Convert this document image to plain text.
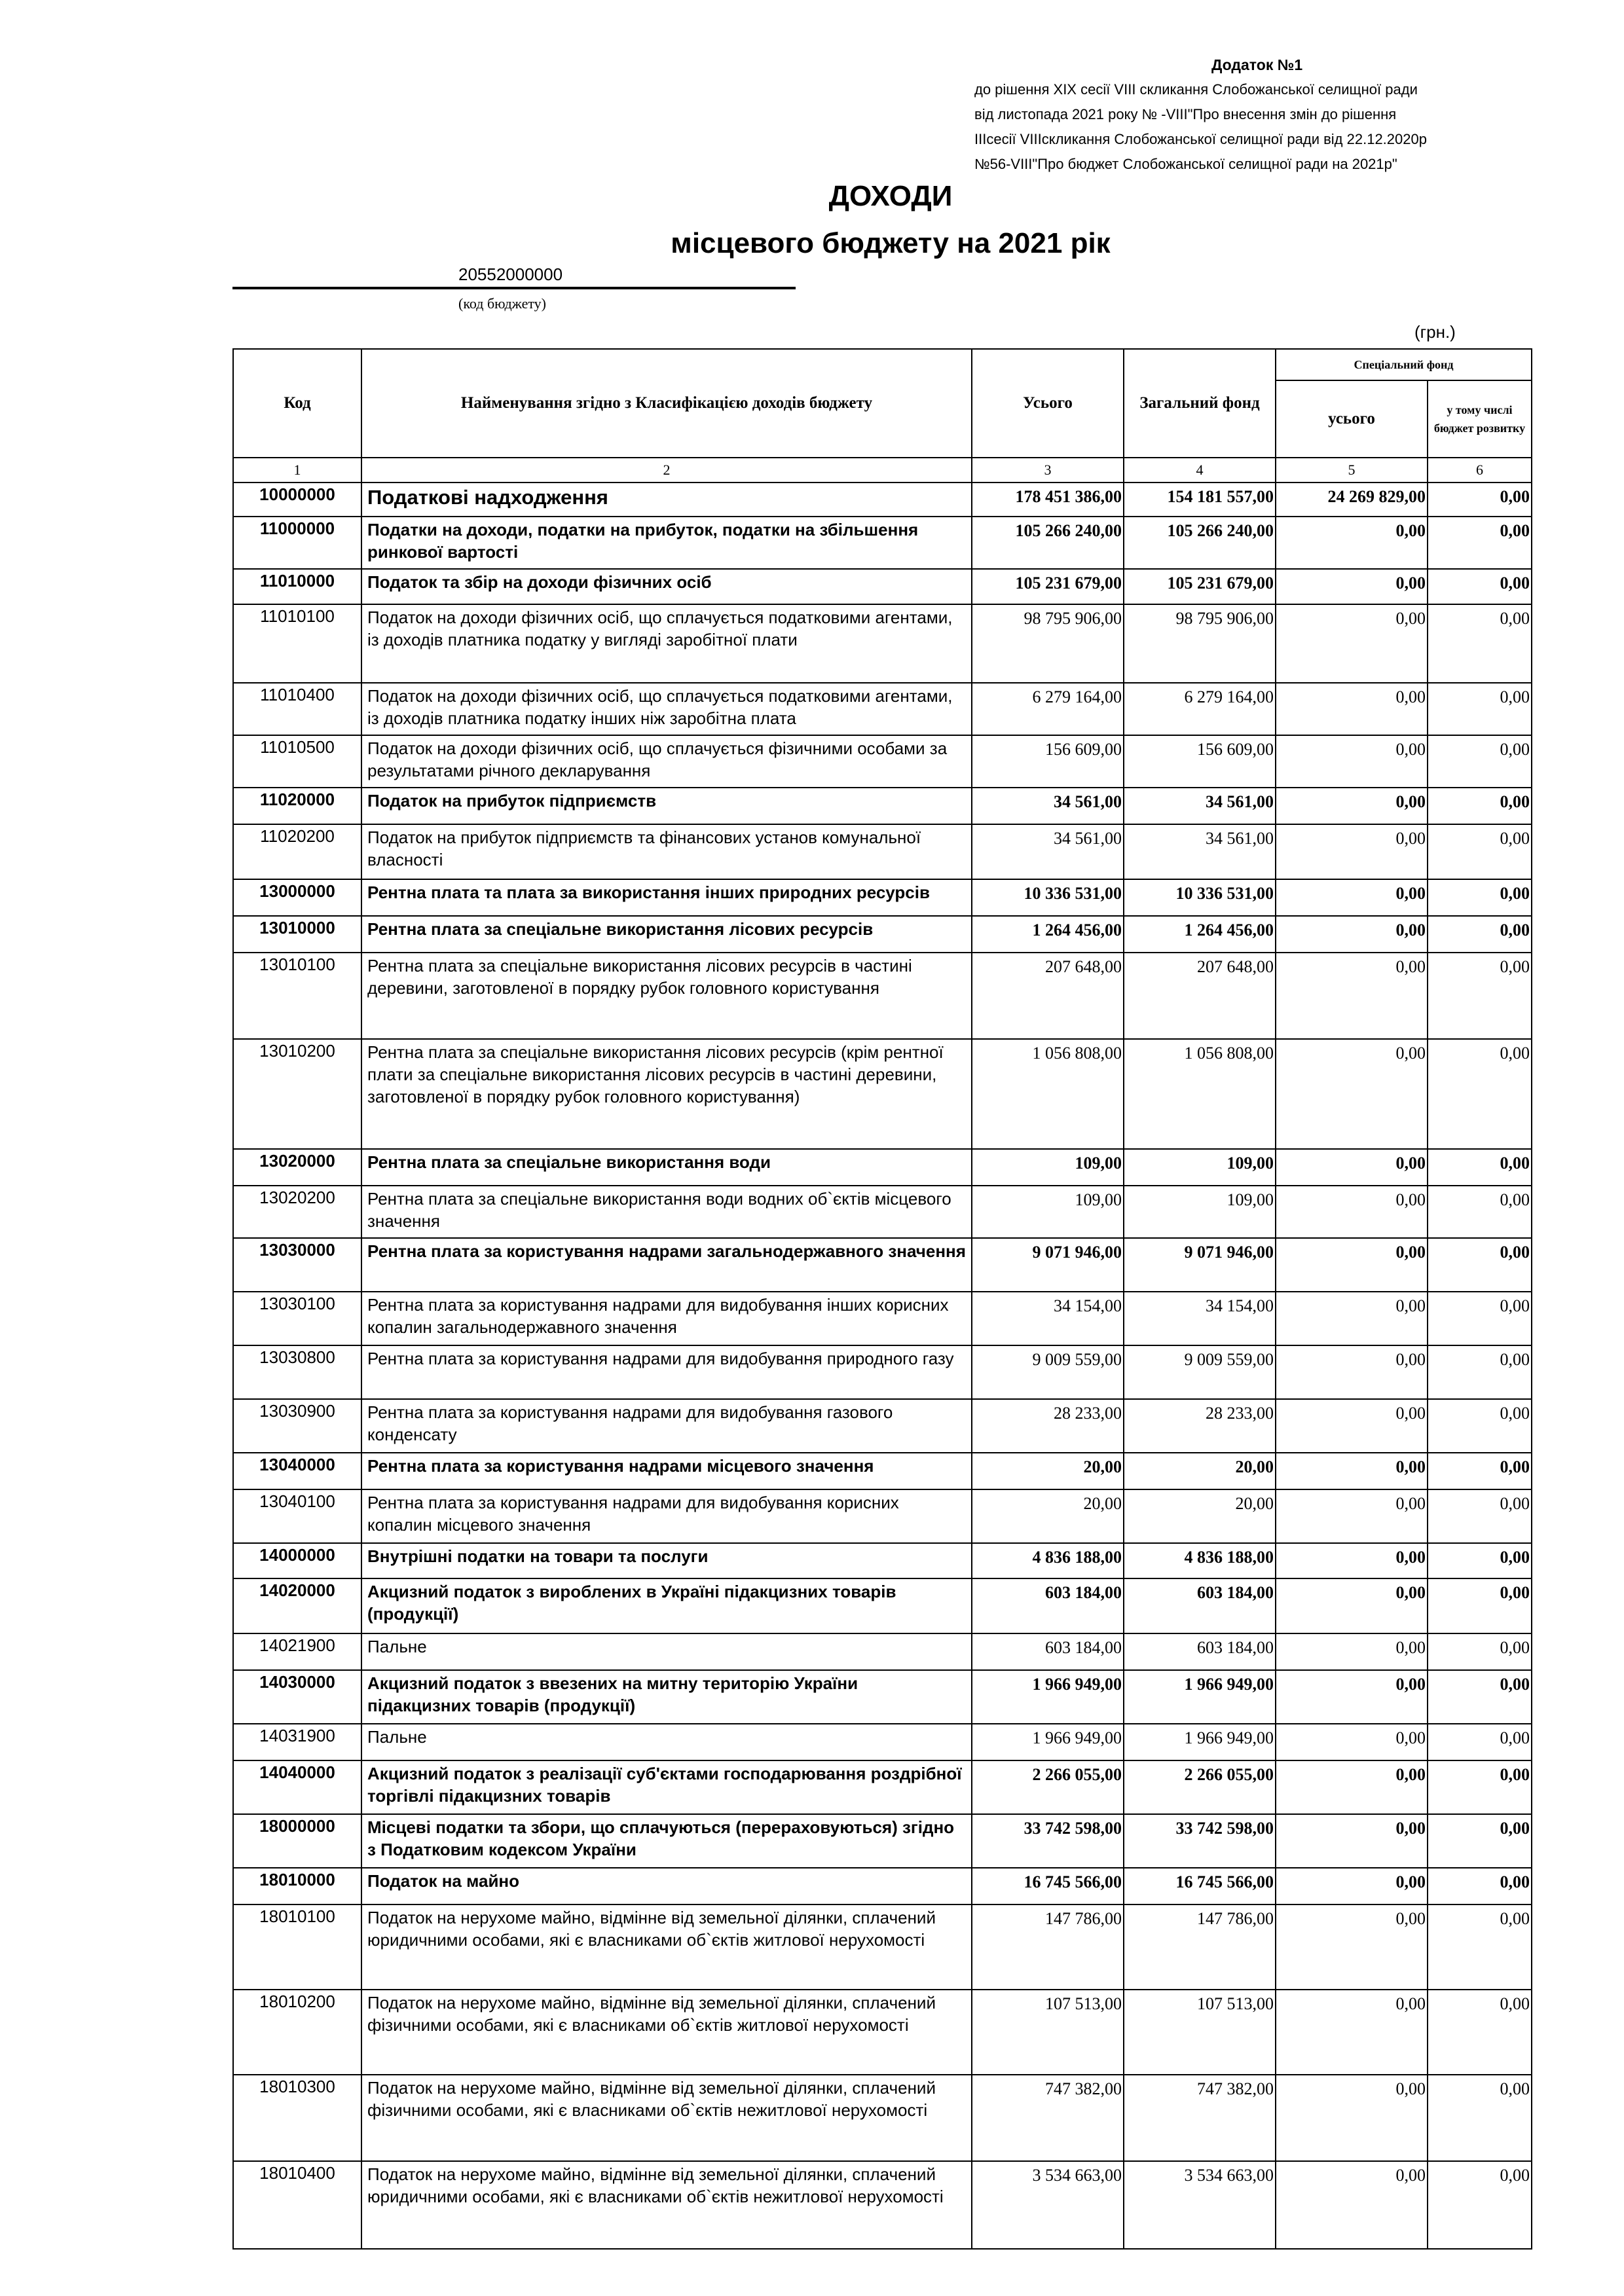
Додаток №1
до рішення ХIХ сесії VIII скликання Слобожанської селищної ради
від листопада 2021 року № -VIII"Про внесення змін до рішення
IIIсесії VIIIскликання Слобожанської селищної ради від 22.12.2020р
№56-VIII"Про бюджет Слобожанської селищної ради на 2021р"
ДОХОДИ
місцевого бюджету на 2021 рік
20552000000
(код бюджету)
(грн.)
Код	Найменування згідно з Класифікацією доходів бюджету	Усього	Загальний фонд	Спеціальний фонд	
				усього	у тому числі бюджет розвитку
1	2	3	4	5	6
10000000	Податкові надходження	178 451 386,00	154 181 557,00	24 269 829,00	0,00
11000000	Податки на доходи, податки на прибуток, податки на збільшення ринкової вартості	105 266 240,00	105 266 240,00	0,00	0,00
11010000	Податок та збір на доходи фізичних осіб	105 231 679,00	105 231 679,00	0,00	0,00
11010100	Податок на доходи фізичних осіб, що сплачується податковими агентами, із доходів платника податку у вигляді заробітної плати	98 795 906,00	98 795 906,00	0,00	0,00
11010400	Податок на доходи фізичних осіб, що сплачується податковими агентами, із доходів платника податку інших ніж заробітна плата	6 279 164,00	6 279 164,00	0,00	0,00
11010500	Податок на доходи фізичних осіб, що сплачується фізичними особами за результатами річного декларування	156 609,00	156 609,00	0,00	0,00
11020000	Податок на прибуток підприємств	34 561,00	34 561,00	0,00	0,00
11020200	Податок на прибуток підприємств та фінансових установ комунальної власності	34 561,00	34 561,00	0,00	0,00
13000000	Рентна плата та плата за використання інших природних ресурсів	10 336 531,00	10 336 531,00	0,00	0,00
13010000	Рентна плата за спеціальне використання лісових ресурсів	1 264 456,00	1 264 456,00	0,00	0,00
13010100	Рентна плата за спеціальне використання лісових ресурсів в частині деревини, заготовленої в порядку рубок головного користування	207 648,00	207 648,00	0,00	0,00
13010200	Рентна плата за спеціальне використання лісових ресурсів (крім рентної плати за спеціальне використання лісових ресурсів в частині деревини, заготовленої в порядку рубок головного користування)	1 056 808,00	1 056 808,00	0,00	0,00
13020000	Рентна плата за спеціальне використання води	109,00	109,00	0,00	0,00
13020200	Рентна плата за спеціальне використання води водних об`єктів місцевого значення	109,00	109,00	0,00	0,00
13030000	Рентна плата за користування надрами загальнодержавного значення	9 071 946,00	9 071 946,00	0,00	0,00
13030100	Рентна плата за користування надрами для видобування інших корисних копалин загальнодержавного значення	34 154,00	34 154,00	0,00	0,00
13030800	Рентна плата за користування надрами для видобування природного газу	9 009 559,00	9 009 559,00	0,00	0,00
13030900	Рентна плата за користування надрами для видобування газового конденсату	28 233,00	28 233,00	0,00	0,00
13040000	Рентна плата за користування надрами місцевого значення	20,00	20,00	0,00	0,00
13040100	Рентна плата за користування надрами для видобування корисних копалин місцевого значення	20,00	20,00	0,00	0,00
14000000	Внутрішні податки на товари та послуги	4 836 188,00	4 836 188,00	0,00	0,00
14020000	Акцизний податок з вироблених в Україні підакцизних товарів (продукції)	603 184,00	603 184,00	0,00	0,00
14021900	Пальне	603 184,00	603 184,00	0,00	0,00
14030000	Акцизний податок з ввезених на митну територію України підакцизних товарів (продукції)	1 966 949,00	1 966 949,00	0,00	0,00
14031900	Пальне	1 966 949,00	1 966 949,00	0,00	0,00
14040000	Акцизний податок з реалізації суб'єктами господарювання роздрібної торгівлі підакцизних товарів	2 266 055,00	2 266 055,00	0,00	0,00
18000000	Місцеві податки та збори, що сплачуються (перераховуються) згідно з Податковим кодексом України	33 742 598,00	33 742 598,00	0,00	0,00
18010000	Податок на майно	16 745 566,00	16 745 566,00	0,00	0,00
18010100	Податок на нерухоме майно, відмінне від земельної ділянки, сплачений юридичними особами, які є власниками об`єктів житлової нерухомості	147 786,00	147 786,00	0,00	0,00
18010200	Податок на нерухоме майно, відмінне від земельної ділянки, сплачений фізичними особами, які є власниками об`єктів житлової нерухомості	107 513,00	107 513,00	0,00	0,00
18010300	Податок на нерухоме майно, відмінне від земельної ділянки, сплачений фізичними особами, які є власниками об`єктів нежитлової нерухомості	747 382,00	747 382,00	0,00	0,00
18010400	Податок на нерухоме майно, відмінне від земельної ділянки, сплачений юридичними особами, які є власниками об`єктів нежитлової нерухомості	3 534 663,00	3 534 663,00	0,00	0,00
